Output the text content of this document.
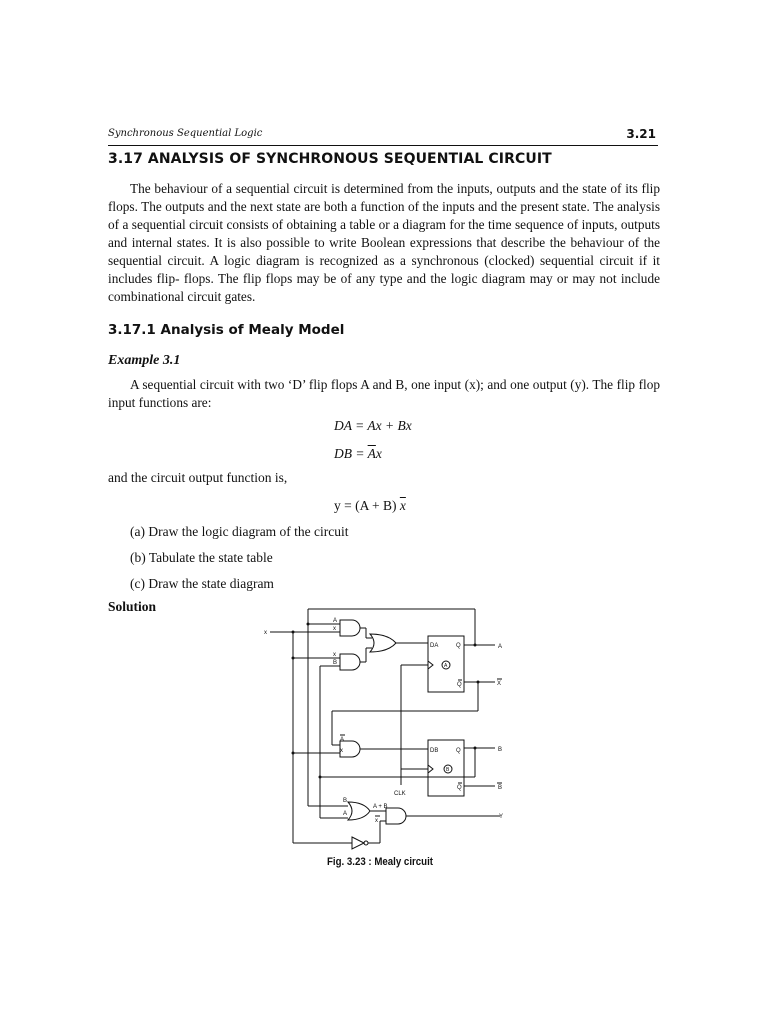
Synchronous Sequential Logic	3.21
3.17 ANALYSIS OF SYNCHRONOUS SEQUENTIAL CIRCUIT

The behaviour of a sequential circuit is determined from the inputs, outputs and the state of its flip flops. The outputs and the next state are both a function of the inputs and the present state. The analysis of a sequential circuit consists of obtaining a table or a diagram for the time sequence of inputs, outputs and internal states. It is also possible to write Boolean expressions that describe the behaviour of the sequential circuit. A logic diagram is recognized as a synchronous (clocked) sequential circuit if it includes flip- flops. The flip flops may be of any type and the logic diagram may or may not include combinational circuit gates.

3.17.1 Analysis of Mealy Model
Example 3.1

A sequential circuit with two ‘D’ flip flops A and B, one input (x); and one output (y). The flip flop input functions are:

DA = Ax + Bx
DB = $\overline{A}x$
and the circuit output function is,
y = (A + B) $\overline{x}$
(a) Draw the logic diagram of the circuit
(b) Tabulate the state table
(c) Draw the state diagram
Solution
x
A
x
x
B
DA	Q
A
Q
A
X
A
x	DB	Q
B
Q
B
B
CLK
B
A
A + B
x
Y
Fig. 3.23 : Mealy circuit
